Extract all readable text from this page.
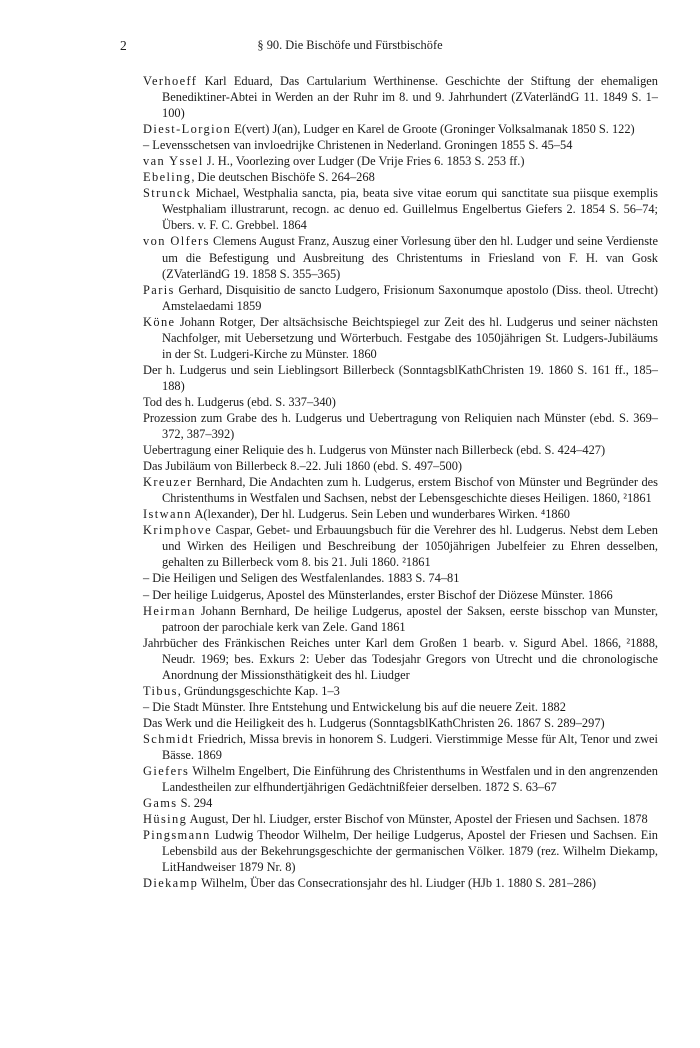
2	§ 90. Die Bischöfe und Fürstbischöfe

Verhoeff Karl Eduard, Das Cartularium Werthinense. Geschichte der Stiftung der ehemaligen Benediktiner-Abtei in Werden an der Ruhr im 8. und 9. Jahrhundert (ZVaterländG 11. 1849 S. 1–100)

Diest-Lorgion E(vert) J(an), Ludger en Karel de Groote (Groninger Volksalmanak 1850 S. 122)

– Levensschetsen van invloedrijke Christenen in Nederland. Groningen 1855 S. 45–54

van Yssel J. H., Voorlezing over Ludger (De Vrije Fries 6. 1853 S. 253 ff.)

Ebeling, Die deutschen Bischöfe S. 264–268

Strunck Michael, Westphalia sancta, pia, beata sive vitae eorum qui sanctitate sua piisque exemplis Westphaliam illustrarunt, recogn. ac denuo ed. Guillelmus Engelbertus Giefers 2. 1854 S. 56–74; Übers. v. F. C. Grebbel. 1864

von Olfers Clemens August Franz, Auszug einer Vorlesung über den hl. Ludger und seine Verdienste um die Befestigung und Ausbreitung des Christentums in Friesland von F. H. van Gosk (ZVaterländG 19. 1858 S. 355–365)

Paris Gerhard, Disquisitio de sancto Ludgero, Frisionum Saxonumque apostolo (Diss. theol. Utrecht) Amstelaedami 1859

Köne Johann Rotger, Der altsächsische Beichtspiegel zur Zeit des hl. Ludgerus und seiner nächsten Nachfolger, mit Uebersetzung und Wörterbuch. Festgabe des 1050jährigen St. Ludgers-Jubiläums in der St. Ludgeri-Kirche zu Münster. 1860

Der h. Ludgerus und sein Lieblingsort Billerbeck (SonntagsblKathChristen 19. 1860 S. 161 ff., 185–188)

Tod des h. Ludgerus (ebd. S. 337–340)

Prozession zum Grabe des h. Ludgerus und Uebertragung von Reliquien nach Münster (ebd. S. 369–372, 387–392)

Uebertragung einer Reliquie des h. Ludgerus von Münster nach Billerbeck (ebd. S. 424–427)

Das Jubiläum von Billerbeck 8.–22. Juli 1860 (ebd. S. 497–500)

Kreuzer Bernhard, Die Andachten zum h. Ludgerus, erstem Bischof von Münster und Begründer des Christenthums in Westfalen und Sachsen, nebst der Lebensgeschichte dieses Heiligen. 1860, ²1861

Istwann A(lexander), Der hl. Ludgerus. Sein Leben und wunderbares Wirken. ⁴1860

Krimphove Caspar, Gebet- und Erbauungsbuch für die Verehrer des hl. Ludgerus. Nebst dem Leben und Wirken des Heiligen und Beschreibung der 1050jährigen Jubelfeier zu Ehren desselben, gehalten zu Billerbeck vom 8. bis 21. Juli 1860. ²1861

– Die Heiligen und Seligen des Westfalenlandes. 1883 S. 74–81

– Der heilige Luidgerus, Apostel des Münsterlandes, erster Bischof der Diözese Münster. 1866

Heirman Johann Bernhard, De heilige Ludgerus, apostel der Saksen, eerste bisschop van Munster, patroon der parochiale kerk van Zele. Gand 1861

Jahrbücher des Fränkischen Reiches unter Karl dem Großen 1 bearb. v. Sigurd Abel. 1866, ²1888, Neudr. 1969; bes. Exkurs 2: Ueber das Todesjahr Gregors von Utrecht und die chronologische Anordnung der Missionsthätigkeit des hl. Liudger

Tibus, Gründungsgeschichte Kap. 1–3

– Die Stadt Münster. Ihre Entstehung und Entwickelung bis auf die neuere Zeit. 1882

Das Werk und die Heiligkeit des h. Ludgerus (SonntagsblKathChristen 26. 1867 S. 289–297)

Schmidt Friedrich, Missa brevis in honorem S. Ludgeri. Vierstimmige Messe für Alt, Tenor und zwei Bässe. 1869

Giefers Wilhelm Engelbert, Die Einführung des Christenthums in Westfalen und in den angrenzenden Landestheilen zur elfhundertjährigen Gedächtnißfeier derselben. 1872 S. 63–67

Gams S. 294

Hüsing August, Der hl. Liudger, erster Bischof von Münster, Apostel der Friesen und Sachsen. 1878

Pingsmann Ludwig Theodor Wilhelm, Der heilige Ludgerus, Apostel der Friesen und Sachsen. Ein Lebensbild aus der Bekehrungsgeschichte der germanischen Völker. 1879 (rez. Wilhelm Diekamp, LitHandweiser 1879 Nr. 8)

Diekamp Wilhelm, Über das Consecrationsjahr des hl. Liudger (HJb 1. 1880 S. 281–286)
